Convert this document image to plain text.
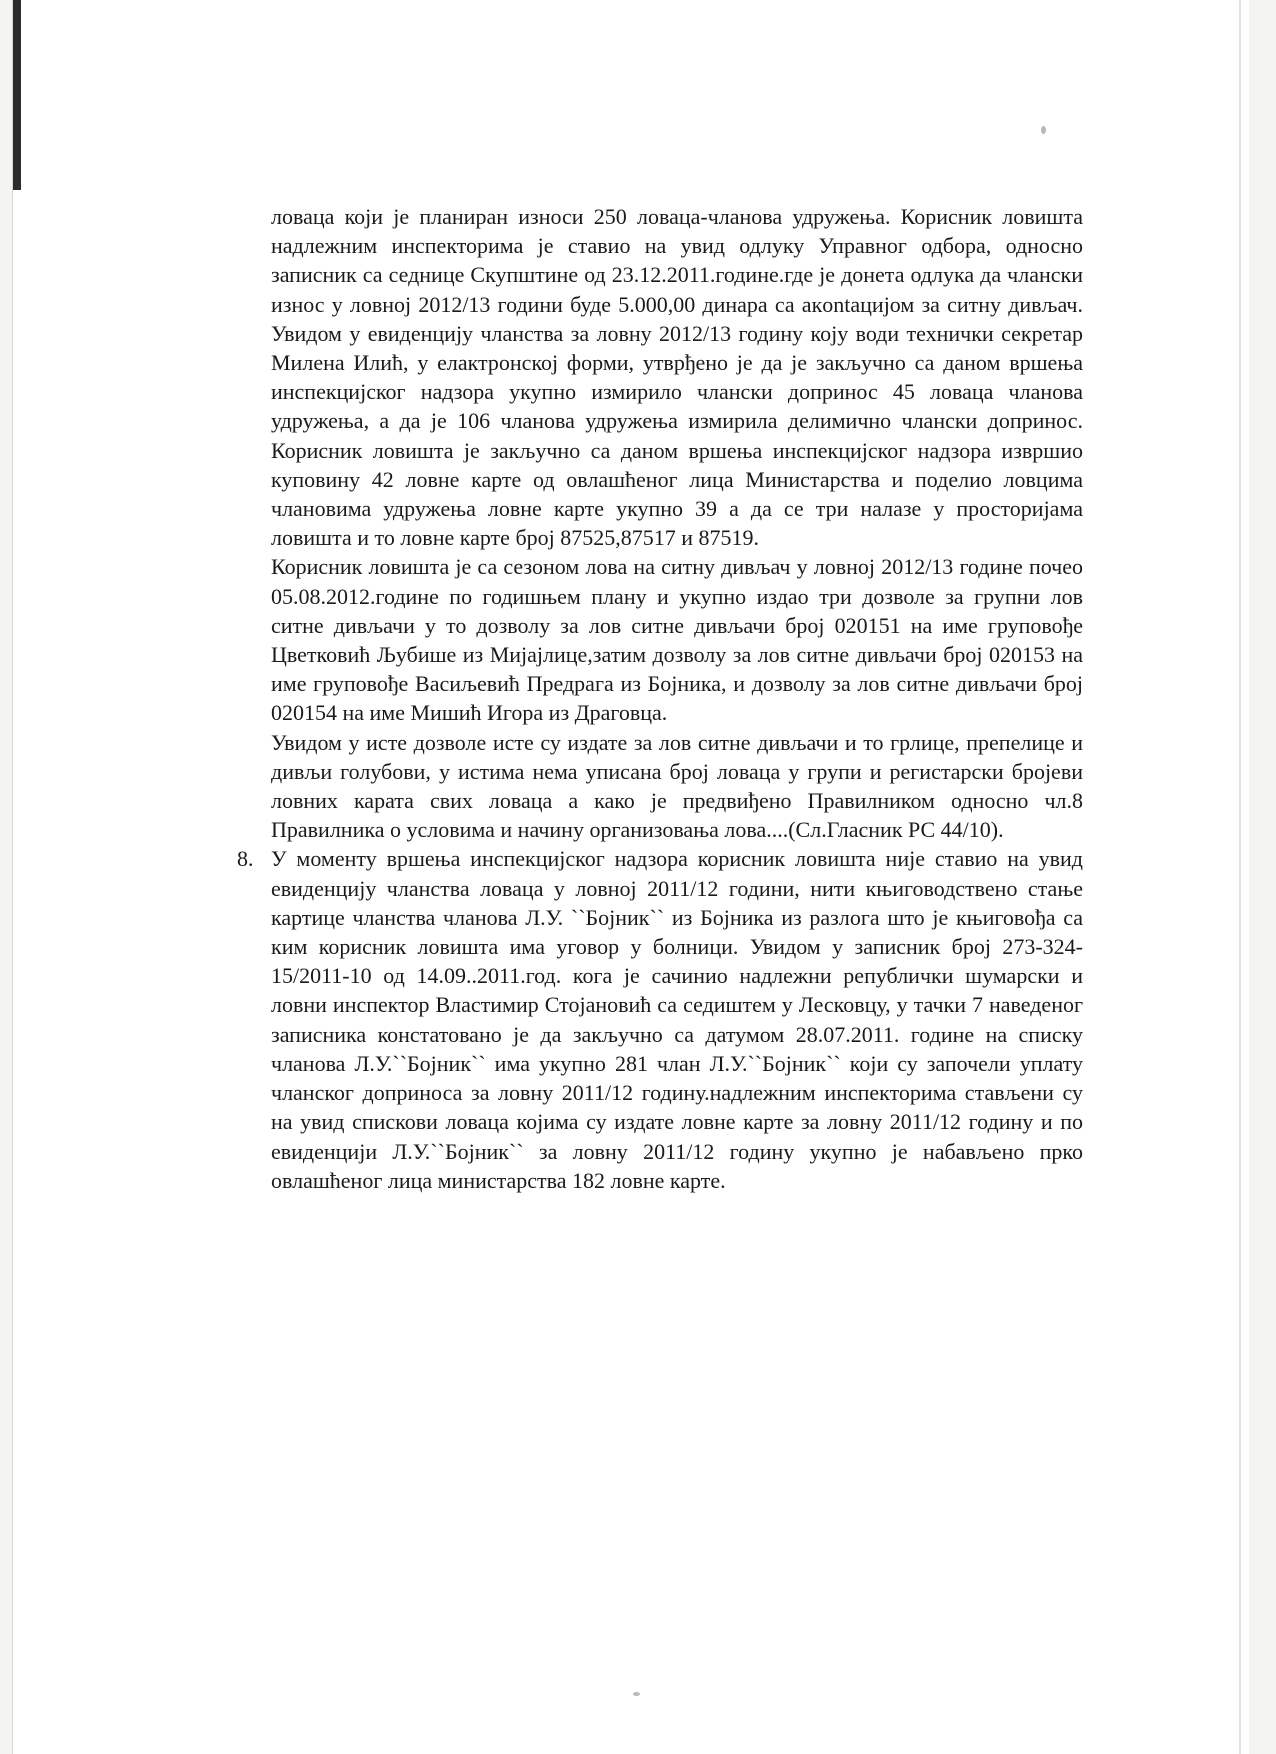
ловаца који је планиран износи 250 ловаца-чланова удружења. Корисник ловишта надлежним инспекторима је ставио на увид одлуку Управног одбора, односно записник са седнице Скупштине од 23.12.2011.године.где је донета одлука да члански износ у ловној 2012/13 години буде 5.000,00 динара са акontацијом за ситну дивљач. Увидом у евиденцију чланства за ловну 2012/13 годину коју води технички секретар Милена Илић, у елактронској форми, утврђено је да је закључно са даном вршења инспекцијског надзора укупно измирило члански допринос 45 ловаца чланова удружења, а да је 106 чланова удружења измирила делимично члански допринос. Корисник ловишта је закључно са даном вршења инспекцијског надзора извршио куповину 42 ловне карте од овлашћеног лица Министарства и поделио ловцима члановима удружења ловне карте укупно 39 а да се три налазе у просторијама ловишта и то ловне карте број 87525,87517 и 87519.

Корисник ловишта је са сезоном лова на ситну дивљач у ловној 2012/13 године почео 05.08.2012.године по годишњем плану и укупно издао три дозволе за групни лов ситне дивљачи у то дозволу за лов ситне дивљачи број 020151 на име груповође Цветковић Љубише из Мијајлице,затим дозволу за лов ситне дивљачи број 020153 на име груповође Васиљевић Предрага из Бојника, и дозволу за лов ситне дивљачи број 020154 на име Мишић Игора из Драговца.

Увидом у исте дозволе исте су издате за лов ситне дивљачи и то грлице, препелице и дивљи голубови, у истима нема уписана број ловаца у групи и регистарски бројеви ловних карата свих ловаца а како је предвиђено Правилником односно чл.8 Правилника о условима и начину организовања лова....(Сл.Гласник РС 44/10).

8. У моменту вршења инспекцијског надзора корисник ловишта није ставио на увид евиденцију чланства ловаца у ловној 2011/12 години, нити књиговодствено стање картице чланства чланова Л.У. ``Бојник`` из Бојника из разлога што је књиговођа са ким корисник ловишта има уговор у болници. Увидом у записник број 273-324-15/2011-10 од 14.09..2011.год. кога је сачинио надлежни републички шумарски и ловни инспектор Властимир Стојановић са седиштем у Лесковцу, у тачки 7 наведеног записника констатовано је да закључно са датумом 28.07.2011. године на списку чланова Л.У.``Бојник`` има укупно 281 члан Л.У.``Бојник`` који су започели уплату чланског доприноса за ловну 2011/12 годину.надлежним инспекторима стављени су на увид спискови ловаца којима су издате ловне карте за ловну 2011/12 годину и по евиденцији Л.У.``Бојник`` за ловну 2011/12 годину укупно је набављено прко овлашћеног лица министарства 182 ловне карте.
